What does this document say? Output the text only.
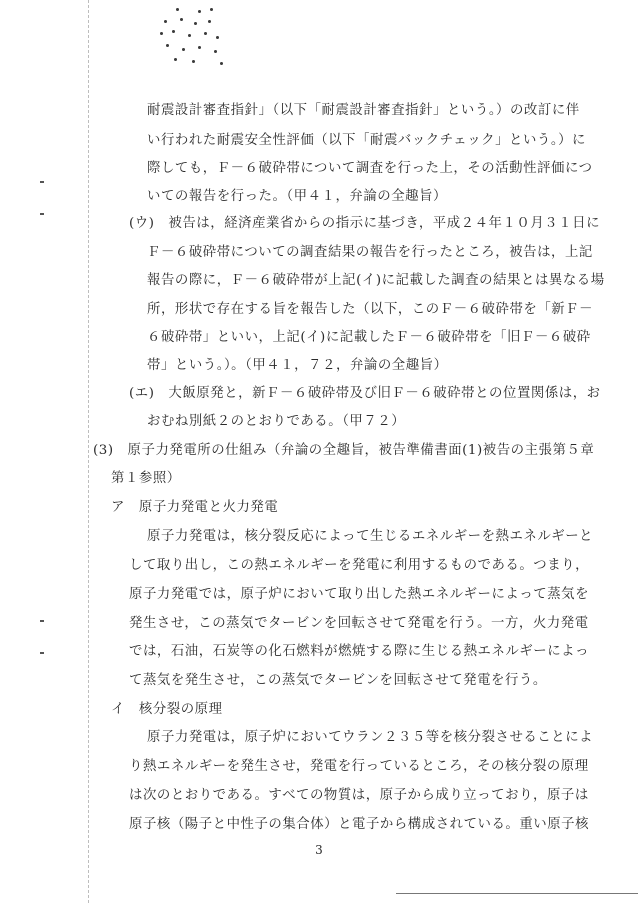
耐震設計審査指針」（以下「耐震設計審査指針」という。）の改訂に伴
い行われた耐震安全性評価（以下「耐震バックチェック」という。）に
際しても，Ｆ－６破砕帯について調査を行った上，その活動性評価につ
いての報告を行った。（甲４１，弁論の全趣旨）
(ウ)　被告は，経済産業省からの指示に基づき，平成２４年１０月３１日に
Ｆ－６破砕帯についての調査結果の報告を行ったところ，被告は，上記
報告の際に，Ｆ－６破砕帯が上記(イ)に記載した調査の結果とは異なる場
所，形状で存在する旨を報告した（以下，このＦ－６破砕帯を「新Ｆ－
６破砕帯」といい，上記(イ)に記載したＦ－６破砕帯を「旧Ｆ－６破砕
帯」という。）。（甲４１，７２，弁論の全趣旨）
(エ)　大飯原発と，新Ｆ－６破砕帯及び旧Ｆ－６破砕帯との位置関係は，お
おむね別紙２のとおりである。（甲７２）
(3)　原子力発電所の仕組み（弁論の全趣旨，被告準備書面(1)被告の主張第５章
第１参照）
ア　原子力発電と火力発電
原子力発電は，核分裂反応によって生じるエネルギーを熱エネルギーと
して取り出し，この熱エネルギーを発電に利用するものである。つまり，
原子力発電では，原子炉において取り出した熱エネルギーによって蒸気を
発生させ，この蒸気でタービンを回転させて発電を行う。一方，火力発電
では，石油，石炭等の化石燃料が燃焼する際に生じる熱エネルギーによっ
て蒸気を発生させ，この蒸気でタービンを回転させて発電を行う。
イ　核分裂の原理
原子力発電は，原子炉においてウラン２３５等を核分裂させることによ
り熱エネルギーを発生させ，発電を行っているところ，その核分裂の原理
は次のとおりである。すべての物質は，原子から成り立っており，原子は
原子核（陽子と中性子の集合体）と電子から構成されている。重い原子核
3
